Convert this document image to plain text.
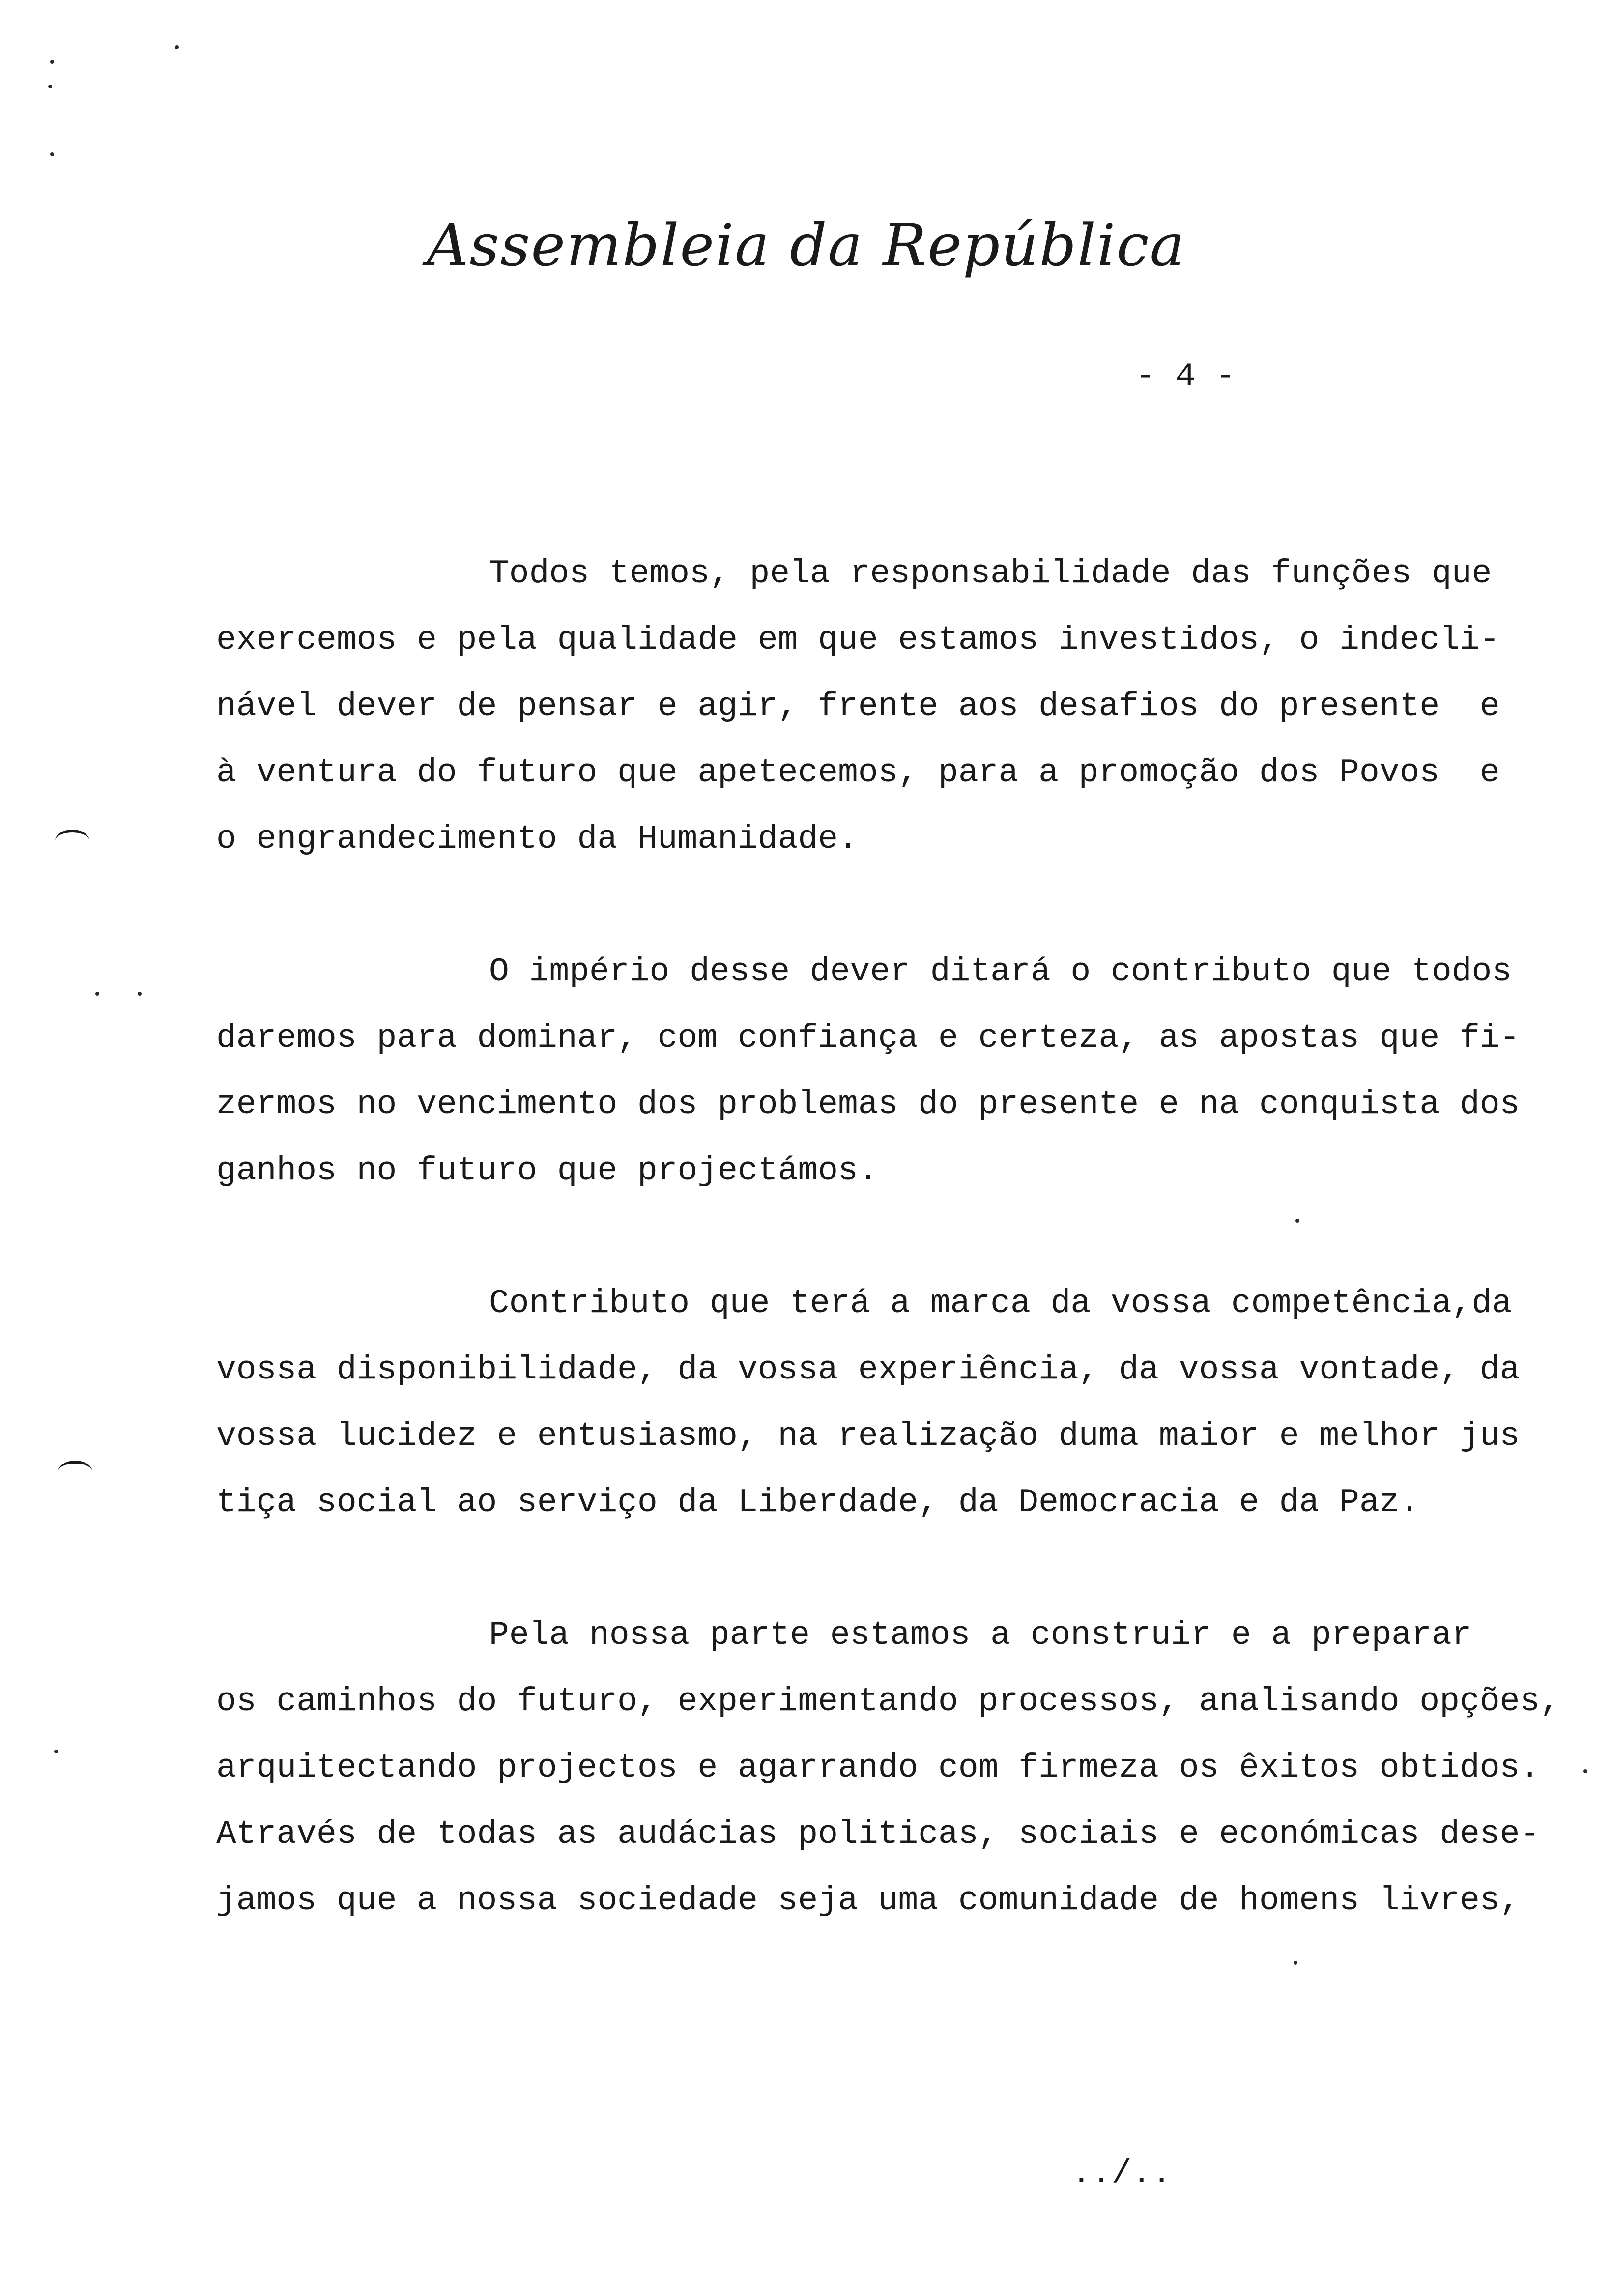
Assembleia da República
- 4 -
Todos temos, pela responsabilidade das funções que
exercemos e pela qualidade em que estamos investidos, o indecli-
nável dever de pensar e agir, frente aos desafios do presente  e
à ventura do futuro que apetecemos, para a promoção dos Povos  e
o engrandecimento da Humanidade.
O império desse dever ditará o contributo que todos
daremos para dominar, com confiança e certeza, as apostas que fi-
zermos no vencimento dos problemas do presente e na conquista dos
ganhos no futuro que projectámos.
Contributo que terá a marca da vossa competência,da
vossa disponibilidade, da vossa experiência, da vossa vontade, da
vossa lucidez e entusiasmo, na realização duma maior e melhor jus
tiça social ao serviço da Liberdade, da Democracia e da Paz.
Pela nossa parte estamos a construir e a preparar
os caminhos do futuro, experimentando processos, analisando opções,
arquitectando projectos e agarrando com firmeza os êxitos obtidos.
Através de todas as audácias politicas, sociais e económicas dese-
jamos que a nossa sociedade seja uma comunidade de homens livres,
../..
